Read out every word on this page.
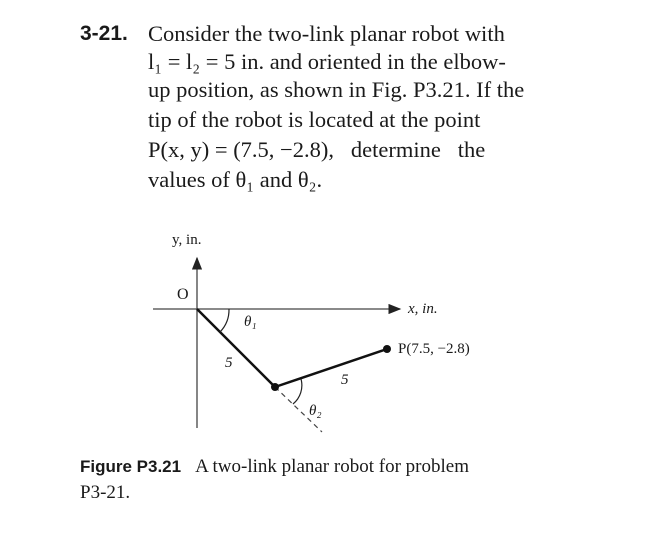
3-21. Consider the two-link planar robot with
l₁ = l₂ = 5 in. and oriented in the elbow-
up position, as shown in Fig. P3.21. If the
tip of the robot is located at the point
P(x, y) = (7.5, −2.8),   determine   the
values of θ₁ and θ₂.
y, in.
O
x, in.
θ₁
5
5
θ₂
P(7.5, −2.8)
Figure P3.21 A two-link planar robot for problem
P3-21.
